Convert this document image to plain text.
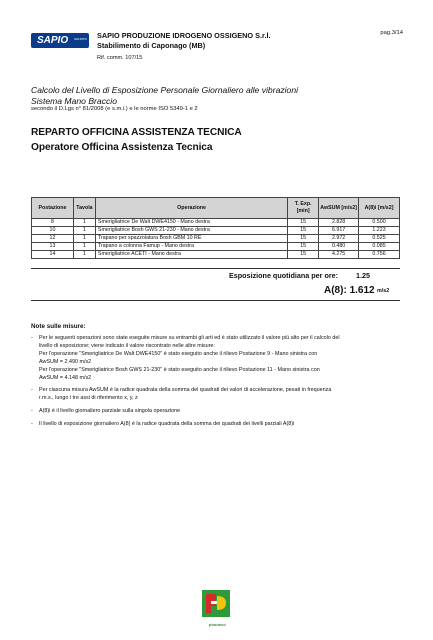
SAPIO GRUPPO SAPIO PRODUZIONE IDROGENO OSSIGENO S.r.l.
Stabilimento di Caponago (MB)
Rif. comm. 107/15
pag.3/14
Calcolo del Livello di Esposizione Personale Giornaliero alle vibrazioni
Sistema Mano Braccio
secondo il D.Lgs n° 81/2008 (e s.m.i.) e le norme ISO 5349-1 e 2
REPARTO OFFICINA ASSISTENZA TECNICA
Operatore Officina Assistenza Tecnica
Postazione	Tavola	Operazione	T. Exp. [min]	AwSUM [m/s2]	A(8)i [m/s2]
8	1	Smerigliatrice De Walt DWE4150 - Mano destra	15	2.828	0.500
10	1	Smerigliatrice Bosh GWS 21-230 - Mano destra	15	6.917	1.223
12	1	Trapano per spazzolatura Bosh GBM 10 RE	15	2.972	0.525
13	1	Trapano a colonna Famup - Mano destra	15	0.480	0.085
14	1	Smerigliatrice ACETI - Mano destra	15	4.275	0.756
Esposizione quotidiana per ore: 1.25
A(8): 1.612 m/s2
Note sulle misure:
- Per le seguenti operazioni sono state eseguite misure su entrambi gli arti ed è stato utilizzato il valore più alto per il calcolo del
livello di esposizione; viene indicato il valore riscontrato nelle altre misure:
Per l'operazione "Smerigliatrice De Walt DWE4150" è stato eseguito anche il rilievo Postazione 9 - Mano sinistra con
AwSUM = 2.490 m/s2
Per l'operazione "Smerigliatrice Bosh GWS 21-230" è stato eseguito anche il rilievo Postazione 11 - Mano sinistra con
AwSUM = 4.148 m/s2
- Per ciascuna misura AwSUM è la radice quadrata della somma dei quadrati dei valori di accelerazione, pesati in frequenza
r.m.s., lungo i tre assi di riferimento x, y, z
- A(8)i è il livello giornaliero parziale sulla singola operazione
- Il livello di esposizione giornaliero A(8) è la radice quadrata della somma dei quadrati dei livelli parziali A(8)i
phoneco
